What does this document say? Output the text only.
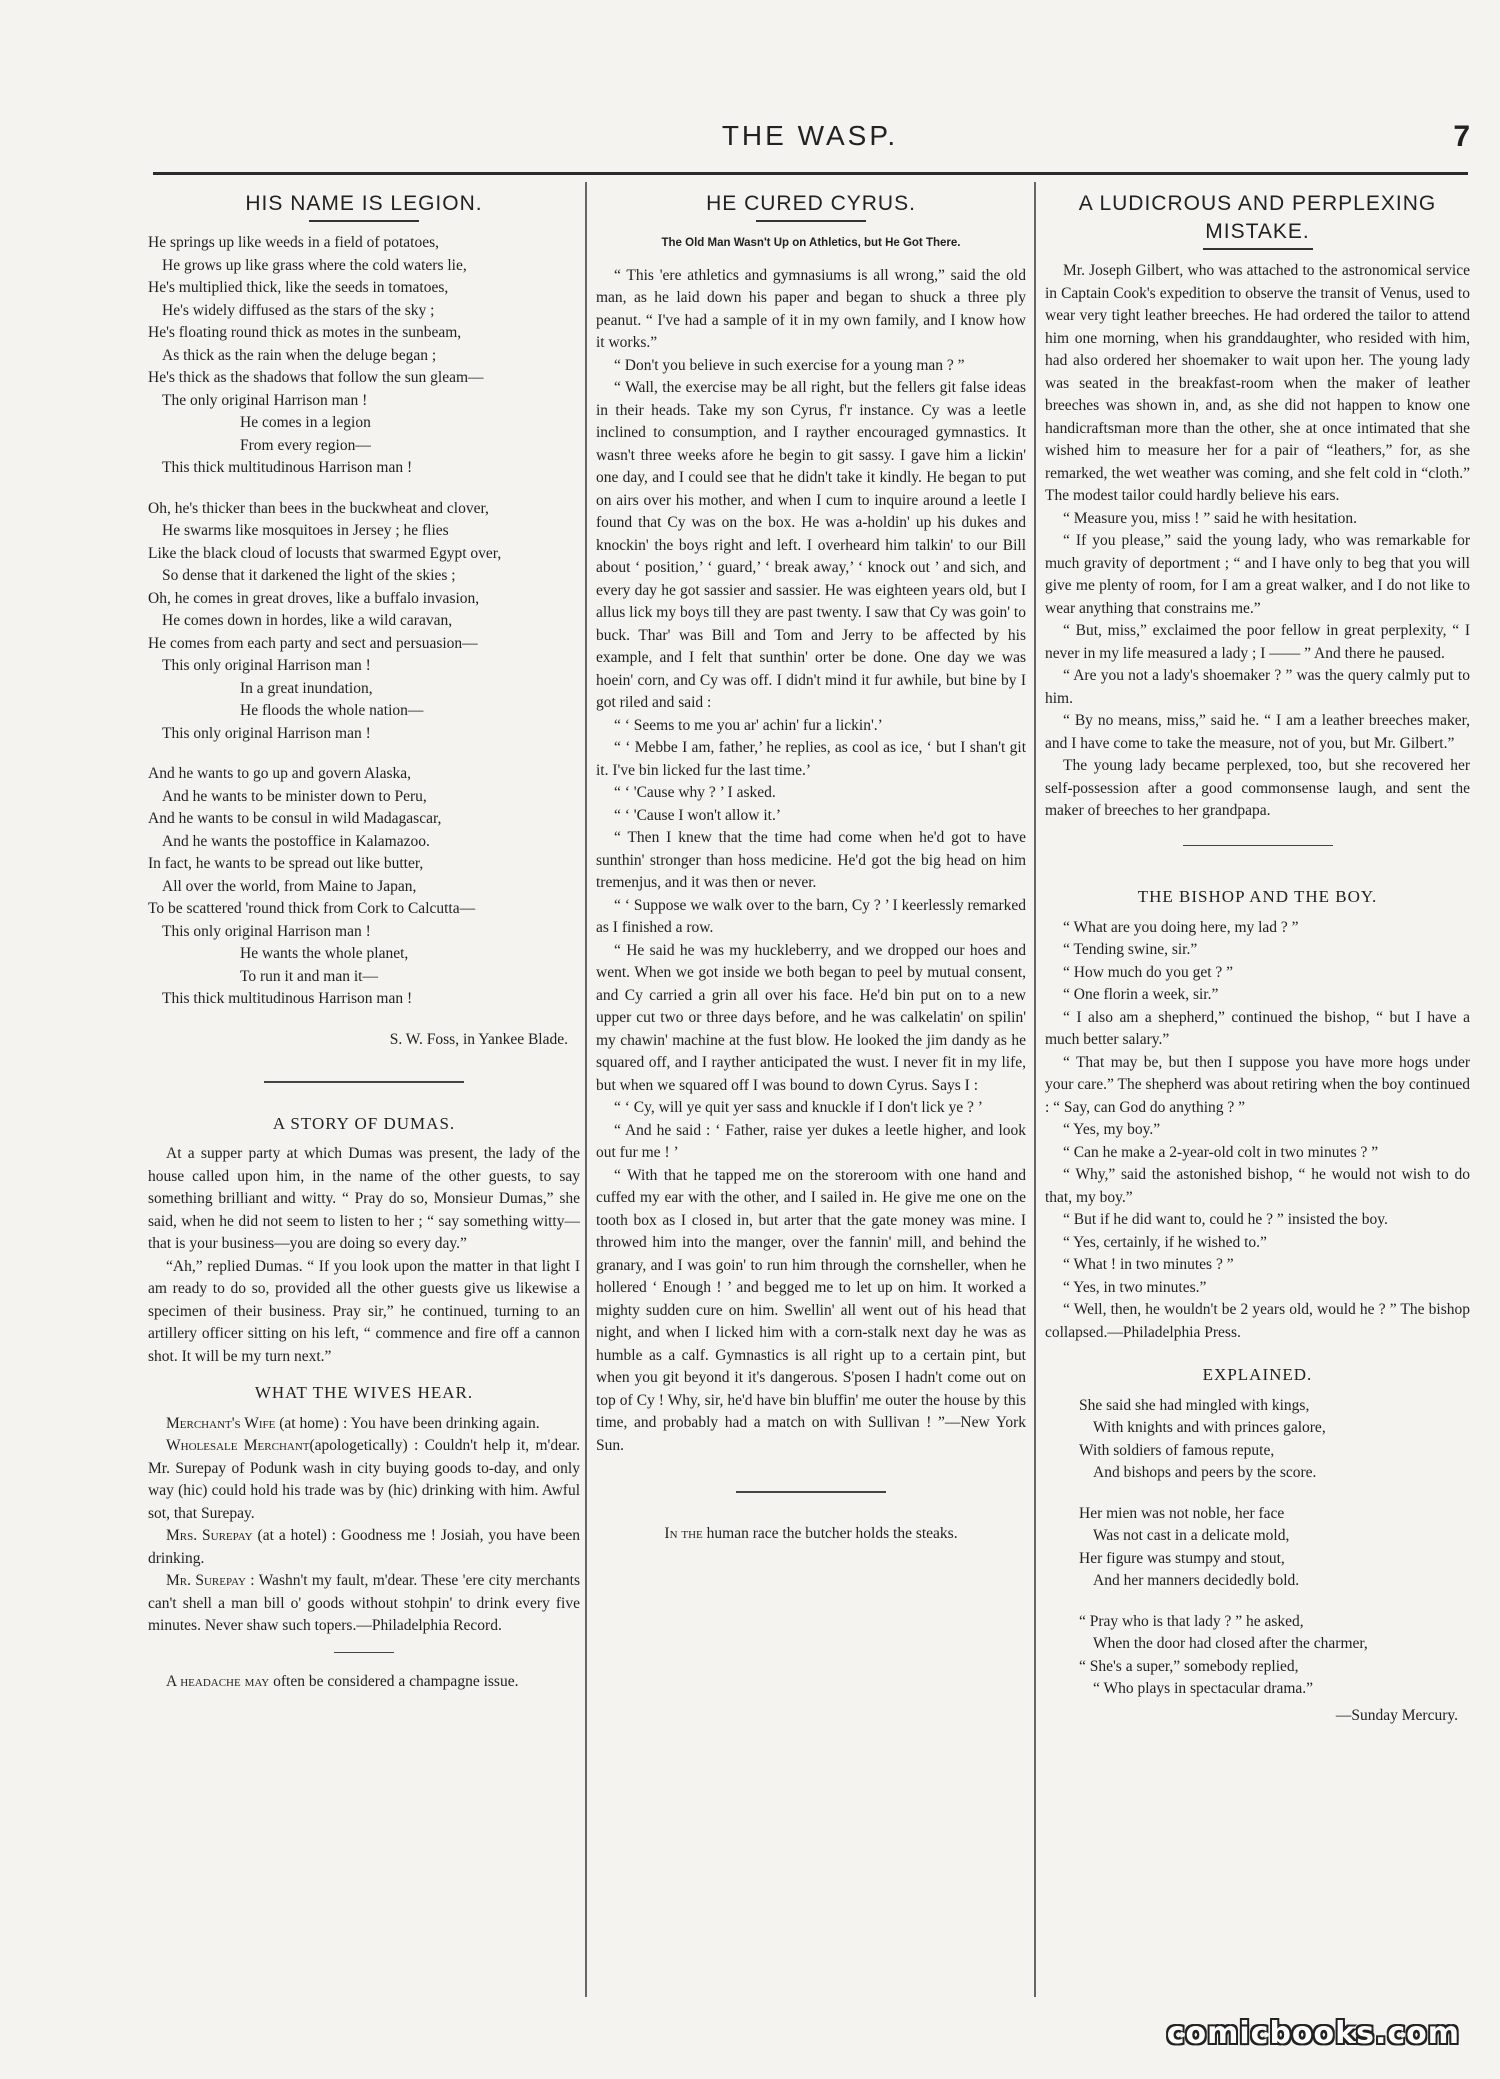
THE WASP.	7
HIS NAME IS LEGION.
He springs up like weeds in a field of potatoes,
He grows up like grass where the cold waters lie,
He's multiplied thick, like the seeds in tomatoes,
He's widely diffused as the stars of the sky ;
He's floating round thick as motes in the sunbeam,
As thick as the rain when the deluge began ;
He's thick as the shadows that follow the sun gleam—
The only original Harrison man !
He comes in a legion
From every region—
This thick multitudinous Harrison man !
Oh, he's thicker than bees in the buckwheat and clover,
He swarms like mosquitoes in Jersey ; he flies
Like the black cloud of locusts that swarmed Egypt over,
So dense that it darkened the light of the skies ;
Oh, he comes in great droves, like a buffalo invasion,
He comes down in hordes, like a wild caravan,
He comes from each party and sect and persuasion—
This only original Harrison man !
In a great inundation,
He floods the whole nation—
This only original Harrison man !
And he wants to go up and govern Alaska,
And he wants to be minister down to Peru,
And he wants to be consul in wild Madagascar,
And he wants the postoffice in Kalamazoo.
In fact, he wants to be spread out like butter,
All over the world, from Maine to Japan,
To be scattered 'round thick from Cork to Calcutta—
This only original Harrison man !
He wants the whole planet,
To run it and man it—
This thick multitudinous Harrison man !
S. W. Foss, in Yankee Blade.
A STORY OF DUMAS.

At a supper party at which Dumas was present, the lady of the house called upon him, in the name of the other guests, to say something brilliant and witty. “ Pray do so, Monsieur Dumas,” she said, when he did not seem to listen to her ; “ say something witty—that is your business—you are doing so every day.”

“Ah,” replied Dumas. “ If you look upon the matter in that light I am ready to do so, provided all the other guests give us likewise a specimen of their business. Pray sir,” he continued, turning to an artillery officer sitting on his left, “ commence and fire off a cannon shot. It will be my turn next.”

WHAT THE WIVES HEAR.

Merchant's Wife (at home) : You have been drinking again.

Wholesale Merchant(apologetically) : Couldn't help it, m'dear. Mr. Surepay of Podunk wash in city buying goods to-day, and only way (hic) could hold his trade was by (hic) drinking with him. Awful sot, that Surepay.

Mrs. Surepay (at a hotel) : Goodness me ! Josiah, you have been drinking.

Mr. Surepay : Washn't my fault, m'dear. These 'ere city merchants can't shell a man bill o' goods without stohpin' to drink every five minutes. Never shaw such topers.—Philadelphia Record.

A headache may often be considered a champagne issue.

HE CURED CYRUS.
The Old Man Wasn't Up on Athletics, but He Got There.

“ This 'ere athletics and gymnasiums is all wrong,” said the old man, as he laid down his paper and began to shuck a three ply peanut. “ I've had a sample of it in my own family, and I know how it works.”

“ Don't you believe in such exercise for a young man ? ”

“ Wall, the exercise may be all right, but the fellers git false ideas in their heads. Take my son Cyrus, f'r instance. Cy was a leetle inclined to consumption, and I rayther encouraged gymnastics. It wasn't three weeks afore he begin to git sassy. I gave him a lickin' one day, and I could see that he didn't take it kindly. He began to put on airs over his mother, and when I cum to inquire around a leetle I found that Cy was on the box. He was a-holdin' up his dukes and knockin' the boys right and left. I overheard him talkin' to our Bill about ‘ position,’ ‘ guard,’ ‘ break away,’ ‘ knock out ’ and sich, and every day he got sassier and sassier. He was eighteen years old, but I allus lick my boys till they are past twenty. I saw that Cy was goin' to buck. Thar' was Bill and Tom and Jerry to be affected by his example, and I felt that sunthin' orter be done. One day we was hoein' corn, and Cy was off. I didn't mind it fur awhile, but bine by I got riled and said :

“ ‘ Seems to me you ar' achin' fur a lickin'.’

“ ‘ Mebbe I am, father,’ he replies, as cool as ice, ‘ but I shan't git it. I've bin licked fur the last time.’

“ ‘ 'Cause why ? ’ I asked.

“ ‘ 'Cause I won't allow it.’

“ Then I knew that the time had come when he'd got to have sunthin' stronger than hoss medicine. He'd got the big head on him tremenjus, and it was then or never.

“ ‘ Suppose we walk over to the barn, Cy ? ’ I keerlessly remarked as I finished a row.

“ He said he was my huckleberry, and we dropped our hoes and went. When we got inside we both began to peel by mutual consent, and Cy carried a grin all over his face. He'd bin put on to a new upper cut two or three days before, and he was calkelatin' on spilin' my chawin' machine at the fust blow. He looked the jim dandy as he squared off, and I rayther anticipated the wust. I never fit in my life, but when we squared off I was bound to down Cyrus. Says I :

“ ‘ Cy, will ye quit yer sass and knuckle if I don't lick ye ? ’

“ And he said : ‘ Father, raise yer dukes a leetle higher, and look out fur me ! ’

“ With that he tapped me on the storeroom with one hand and cuffed my ear with the other, and I sailed in. He give me one on the tooth box as I closed in, but arter that the gate money was mine. I throwed him into the manger, over the fannin' mill, and behind the granary, and I was goin' to run him through the cornsheller, when he hollered ‘ Enough ! ’ and begged me to let up on him. It worked a mighty sudden cure on him. Swellin' all went out of his head that night, and when I licked him with a corn-stalk next day he was as humble as a calf. Gymnastics is all right up to a certain pint, but when you git beyond it it's dangerous. S'posen I hadn't come out on top of Cy ! Why, sir, he'd have bin bluffin' me outer the house by this time, and probably had a match on with Sullivan ! ”—New York Sun.

In the human race the butcher holds the steaks.

A LUDICROUS AND PERPLEXING MISTAKE.

Mr. Joseph Gilbert, who was attached to the astronomical service in Captain Cook's expedition to observe the transit of Venus, used to wear very tight leather breeches. He had ordered the tailor to attend him one morning, when his granddaughter, who resided with him, had also ordered her shoemaker to wait upon her. The young lady was seated in the breakfast-room when the maker of leather breeches was shown in, and, as she did not happen to know one handicraftsman more than the other, she at once intimated that she wished him to measure her for a pair of “leathers,” for, as she remarked, the wet weather was coming, and she felt cold in “cloth.” The modest tailor could hardly believe his ears.

“ Measure you, miss ! ” said he with hesitation.

“ If you please,” said the young lady, who was remarkable for much gravity of deportment ; “ and I have only to beg that you will give me plenty of room, for I am a great walker, and I do not like to wear anything that constrains me.”

“ But, miss,” exclaimed the poor fellow in great perplexity, “ I never in my life measured a lady ; I —— ” And there he paused.

“ Are you not a lady's shoemaker ? ” was the query calmly put to him.

“ By no means, miss,” said he. “ I am a leather breeches maker, and I have come to take the measure, not of you, but Mr. Gilbert.”

The young lady became perplexed, too, but she recovered her self-possession after a good commonsense laugh, and sent the maker of breeches to her grandpapa.

THE BISHOP AND THE BOY.

“ What are you doing here, my lad ? ”

“ Tending swine, sir.”

“ How much do you get ? ”

“ One florin a week, sir.”

“ I also am a shepherd,” continued the bishop, “ but I have a much better salary.”

“ That may be, but then I suppose you have more hogs under your care.” The shepherd was about retiring when the boy continued : “ Say, can God do anything ? ”

“ Yes, my boy.”

“ Can he make a 2-year-old colt in two minutes ? ”

“ Why,” said the astonished bishop, “ he would not wish to do that, my boy.”

“ But if he did want to, could he ? ” insisted the boy.

“ Yes, certainly, if he wished to.”

“ What ! in two minutes ? ”

“ Yes, in two minutes.”

“ Well, then, he wouldn't be 2 years old, would he ? ” The bishop collapsed.—Philadelphia Press.

EXPLAINED.
She said she had mingled with kings,
With knights and with princes galore,
With soldiers of famous repute,
And bishops and peers by the score.
Her mien was not noble, her face
Was not cast in a delicate mold,
Her figure was stumpy and stout,
And her manners decidedly bold.
“ Pray who is that lady ? ” he asked,
When the door had closed after the charmer,
“ She's a super,” somebody replied,
“ Who plays in spectacular drama.”
—Sunday Mercury.
comicbooks.com
